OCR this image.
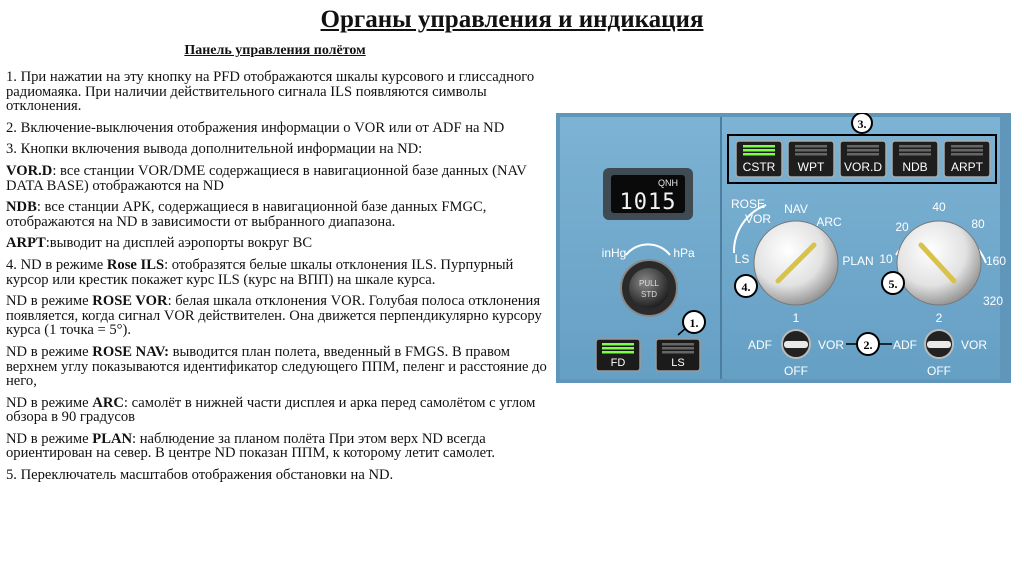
Органы управления и индикация
Панель управления полётом

1. При нажатии на эту кнопку на PFD отображаются шкалы курсового и глиссадного радиомаяка. При наличии действительного сигнала ILS появляются символы отклонения.

2. Включение-выключения отображения информации о VOR или от ADF на ND

3. Кнопки включения вывода дополнительной информации на ND:

VOR.D: все станции VOR/DME содержащиеся в навигационной базе данных (NAV DATA BASE) отображаются на ND

NDB: все станции АРК, содержащиеся в навигационной базе данных FMGC, отображаются на ND в зависимости от выбранного диапазона.

ARPT:выводит на дисплей аэропорты вокруг ВС

4. ND в режиме Rose ILS: отобразятся белые шкалы отклонения ILS. Пурпурный курсор или крестик покажет курс ILS (курс на ВПП) на шкале курса.

ND в режиме ROSE VOR: белая шкала отклонения VOR. Голубая полоса отклонения появляется, когда сигнал VOR действителен. Она движется перпендикулярно курсору курса (1 точка = 5°).

ND в режиме ROSE NAV: выводится план полета, введенный в FMGS. В правом верхнем углу показываются идентификатор следующего ППМ, пеленг и расстояние до него,

ND в режиме ARC: самолёт в нижней части дисплея и арка перед самолётом с углом обзора в 90 градусов

ND в режиме PLAN: наблюдение за планом полёта При этом верх ND всегда ориентирован на север. В центре ND показан ППМ, к которому летит самолет.

5. Переключатель масштабов отображения обстановки на ND.

QNH
1015
inHg	hPa
PULL
STD
FD	LS
1.
CSTR WPT VOR.D NDB ARPT
3.
ROSE
VOR
NAV
ARC
PLAN
LS
4.
10
20
40
80
160
320
5.
1
ADF	VOR
OFF
2
ADF	VOR
OFF
2.
